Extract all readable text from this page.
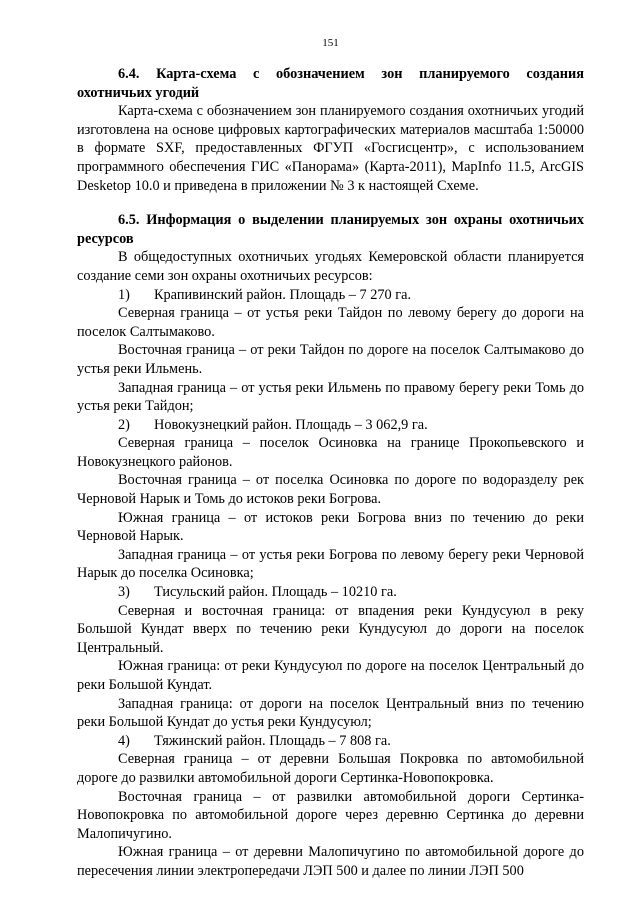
151

6.4. Карта-схема с обозначением зон планируемого создания охотничьих угодий

Карта-схема с обозначением зон планируемого создания охотничьих угодий изготовлена на основе цифровых картографических материалов масштаба 1:50000 в формате SXF, предоставленных ФГУП «Госгисцентр», с использованием программного обеспечения ГИС «Панорама» (Карта-2011), MapInfo 11.5, ArcGIS Desketop 10.0 и приведена в приложении № 3 к настоящей Схеме.

6.5. Информация о выделении планируемых зон охраны охотничьих ресурсов

В общедоступных охотничьих угодьях Кемеровской области планируется создание семи зон охраны охотничьих ресурсов:

1)	Крапивинский район. Площадь – 7 270 га.

Северная граница – от устья реки Тайдон по левому берегу до дороги на поселок Салтымаково.

Восточная граница – от реки Тайдон по дороге на поселок Салтымаково до устья реки Ильмень.

Западная граница – от устья реки Ильмень по правому берегу реки Томь до устья реки Тайдон;

2)	Новокузнецкий район. Площадь – 3 062,9 га.

Северная граница – поселок Осиновка на границе Прокопьевского и Новокузнецкого районов.

Восточная граница – от поселка Осиновка по дороге по водоразделу рек Черновой Нарык и Томь до истоков реки Богрова.

Южная граница – от истоков реки Богрова вниз по течению до реки Черновой Нарык.

Западная граница – от устья реки Богрова по левому берегу реки Черновой Нарык до поселка Осиновка;

3)	Тисульский район. Площадь – 10210 га.

Северная и восточная граница: от впадения реки Кундусуюл в реку Большой Кундат вверх по течению реки Кундусуюл до дороги на поселок Центральный.

Южная граница: от реки Кундусуюл по дороге на поселок Центральный до реки Большой Кундат.

Западная граница: от дороги на поселок Центральный вниз по течению реки Большой Кундат до устья реки Кундусуюл;

4)	Тяжинский район. Площадь – 7 808 га.

Северная граница – от деревни Большая Покровка по автомобильной дороге до развилки автомобильной дороги Сертинка-Новопокровка.

Восточная граница – от развилки автомобильной дороги Сертинка-Новопокровка по автомобильной дороге через деревню Сертинка до деревни Малопичугино.

Южная граница – от деревни Малопичугино по автомобильной дороге до пересечения линии электропередачи ЛЭП 500 и далее по линии ЛЭП 500
